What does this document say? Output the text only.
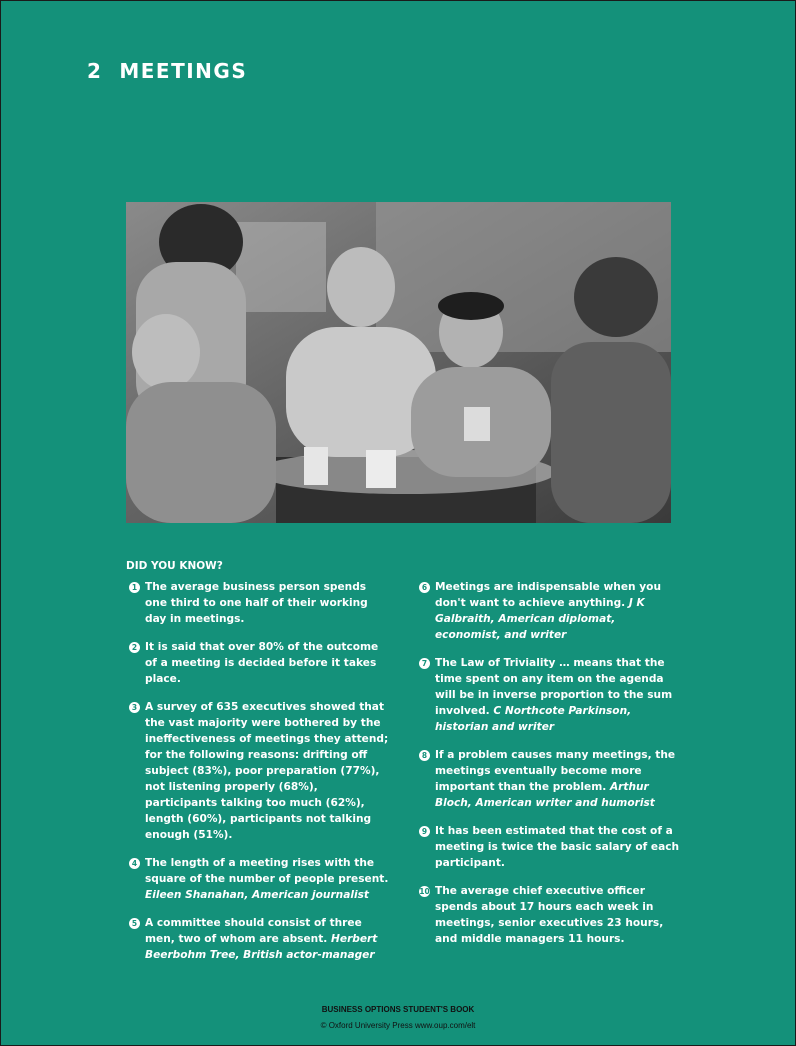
2 MEETINGS
DID YOU KNOW?
1 The average business person spends one third to one half of their working day in meetings.
2 It is said that over 80% of the outcome of a meeting is decided before it takes place.
3 A survey of 635 executives showed that the vast majority were bothered by the ineffectiveness of meetings they attend; for the following reasons: drifting off subject (83%), poor preparation (77%), not listening properly (68%), participants talking too much (62%), length (60%), participants not talking enough (51%).
4 The length of a meeting rises with the square of the number of people present. Eileen Shanahan, American journalist
5 A committee should consist of three men, two of whom are absent. Herbert Beerbohm Tree, British actor-manager
6 Meetings are indispensable when you don't want to achieve anything. J K Galbraith, American diplomat, economist, and writer
7 The Law of Triviality … means that the time spent on any item on the agenda will be in inverse proportion to the sum involved. C Northcote Parkinson, historian and writer
8 If a problem causes many meetings, the meetings eventually become more important than the problem. Arthur Bloch, American writer and humorist
9 It has been estimated that the cost of a meeting is twice the basic salary of each participant.
10 The average chief executive officer spends about 17 hours each week in meetings, senior executives 23 hours, and middle managers 11 hours.
BUSINESS OPTIONS STUDENT'S BOOK
© Oxford University Press www.oup.com/elt
